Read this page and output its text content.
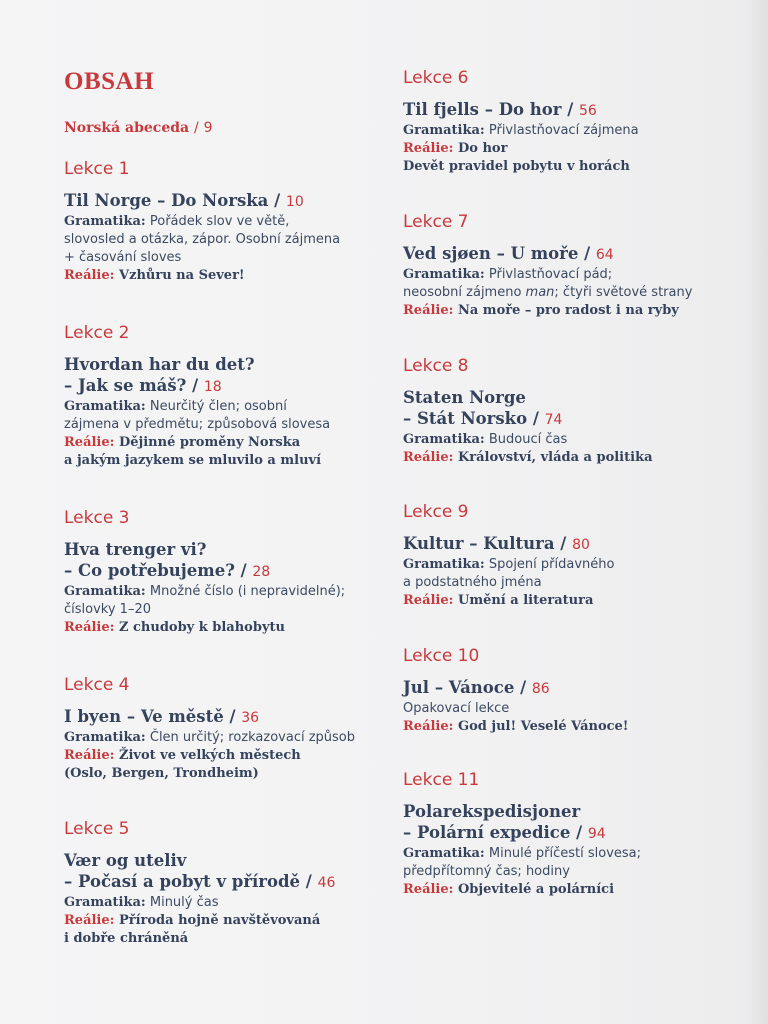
OBSAH
Norská abeceda / 9
Lekce 1
Til Norge – Do Norska / 10
Gramatika: Pořádek slov ve větě,
slovosled a otázka, zápor. Osobní zájmena
+ časování sloves
Reálie: Vzhůru na Sever!
Lekce 2
Hvordan har du det?
– Jak se máš? / 18
Gramatika: Neurčitý člen; osobní
zájmena v předmětu; způsobová slovesa
Reálie: Dějinné proměny Norska
a jakým jazykem se mluvilo a mluví
Lekce 3
Hva trenger vi?
– Co potřebujeme? / 28
Gramatika: Množné číslo (i nepravidelné);
číslovky 1–20
Reálie: Z chudoby k blahobytu
Lekce 4
I byen – Ve městě / 36
Gramatika: Člen určitý; rozkazovací způsob
Reálie: Život ve velkých městech
(Oslo, Bergen, Trondheim)
Lekce 5
Vær og uteliv
– Počasí a pobyt v přírodě / 46
Gramatika: Minulý čas
Reálie: Příroda hojně navštěvovaná
i dobře chráněná
Lekce 6
Til fjells – Do hor / 56
Gramatika: Přivlastňovací zájmena
Reálie: Do hor
Devět pravidel pobytu v horách
Lekce 7
Ved sjøen – U moře / 64
Gramatika: Přivlastňovací pád;
neosobní zájmeno man; čtyři světové strany
Reálie: Na moře – pro radost i na ryby
Lekce 8
Staten Norge
– Stát Norsko / 74
Gramatika: Budoucí čas
Reálie: Království, vláda a politika
Lekce 9
Kultur – Kultura / 80
Gramatika: Spojení přídavného
a podstatného jména
Reálie: Umění a literatura
Lekce 10
Jul – Vánoce / 86
Opakovací lekce
Reálie: God jul! Veselé Vánoce!
Lekce 11
Polarekspedisjoner
– Polární expedice / 94
Gramatika: Minulé příčestí slovesa;
předpřítomný čas; hodiny
Reálie: Objevitelé a polárníci
